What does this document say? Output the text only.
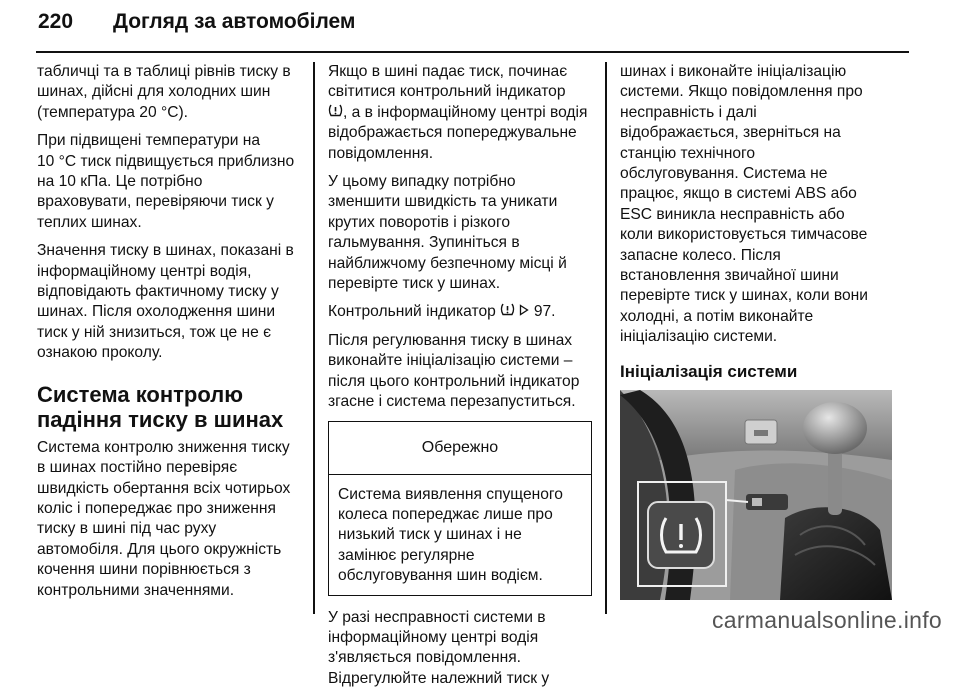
220 Догляд за автомобілем
табличці та в таблиці рівнів тиску в
шинах, дійсні для холодних шин
(температура 20 °C).
При підвищені температури на
10 °C тиск підвищується приблизно
на 10 кПа. Це потрібно
враховувати, перевіряючи тиск у
теплих шинах.
Значення тиску в шинах, показані в
інформаційному центрі водія,
відповідають фактичному тиску у
шинах. Після охолодження шини
тиск у ній знизиться, тож це не є
ознакою проколу.
Система контролю
падіння тиску в шинах
Система контролю зниження тиску
в шинах постійно перевіряє
швидкість обертання всіх чотирьох
коліс і попереджає про зниження
тиску в шині під час руху
автомобіля. Для цього окружність
кочення шини порівнюється з
контрольними значеннями.
Якщо в шині падає тиск, починає
світитися контрольний індикатор
, а в інформаційному центрі водія
відображається попереджувальне
повідомлення.
У цьому випадку потрібно
зменшити швидкість та уникати
крутих поворотів і різкого
гальмування. Зупиніться в
найближчому безпечному місці й
перевірте тиск у шинах.
Контрольний індикатор 97.
Після регулювання тиску в шинах
виконайте ініціалізацію системи –
після цього контрольний індикатор
згасне і система перезапуститься.
Обережно
Система виявлення спущеного
колеса попереджає лише про
низький тиск у шинах і не
замінює регулярне
обслуговування шин водієм.
У разі несправності системи в
інформаційному центрі водія
з'являється повідомлення.
Відрегулюйте належний тиск у
шинах і виконайте ініціалізацію
системи. Якщо повідомлення про
несправність і далі
відображається, зверніться на
станцію технічного
обслуговування. Система не
працює, якщо в системі ABS або
ESC виникла несправність або
коли використовується тимчасове
запасне колесо. Після
встановлення звичайної шини
перевірте тиск у шинах, коли вони
холодні, а потім виконайте
ініціалізацію системи.
Ініціалізація системи
carmanualsonline.info
